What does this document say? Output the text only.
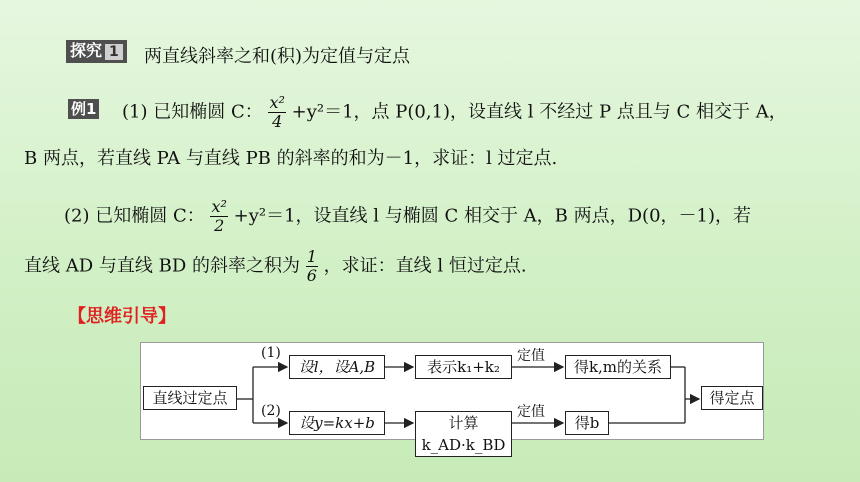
探究 1	两直线斜率之和(积)为定值与定点
例1 (1) 已知椭圆 C： $\frac{\text{x²}}{4} +y^2=1$，点 P(0,1)，设直线 l 不经过 P 点且与 C 相交于 A，
B 两点，若直线 PA 与直线 PB 的斜率的和为－1，求证：l 过定点.
(2) 已知椭圆 C： $\frac{\text{x²}}{2} +y^2=1$，设直线 l 与椭圆 C 相交于 A，B 两点，D(0，－1)，若
直线 AD 与直线 BD 的斜率之积为 $\frac{1}{6}$ ，求证：直线 l 恒过定点.
【思维引导】
直线过定点
(1)
(2)
设l，设A,B	表示k₁+k₂
定值
得k,m的关系
设y=kx+b	计算k_AD·k_BD
定值
得b
得定点
